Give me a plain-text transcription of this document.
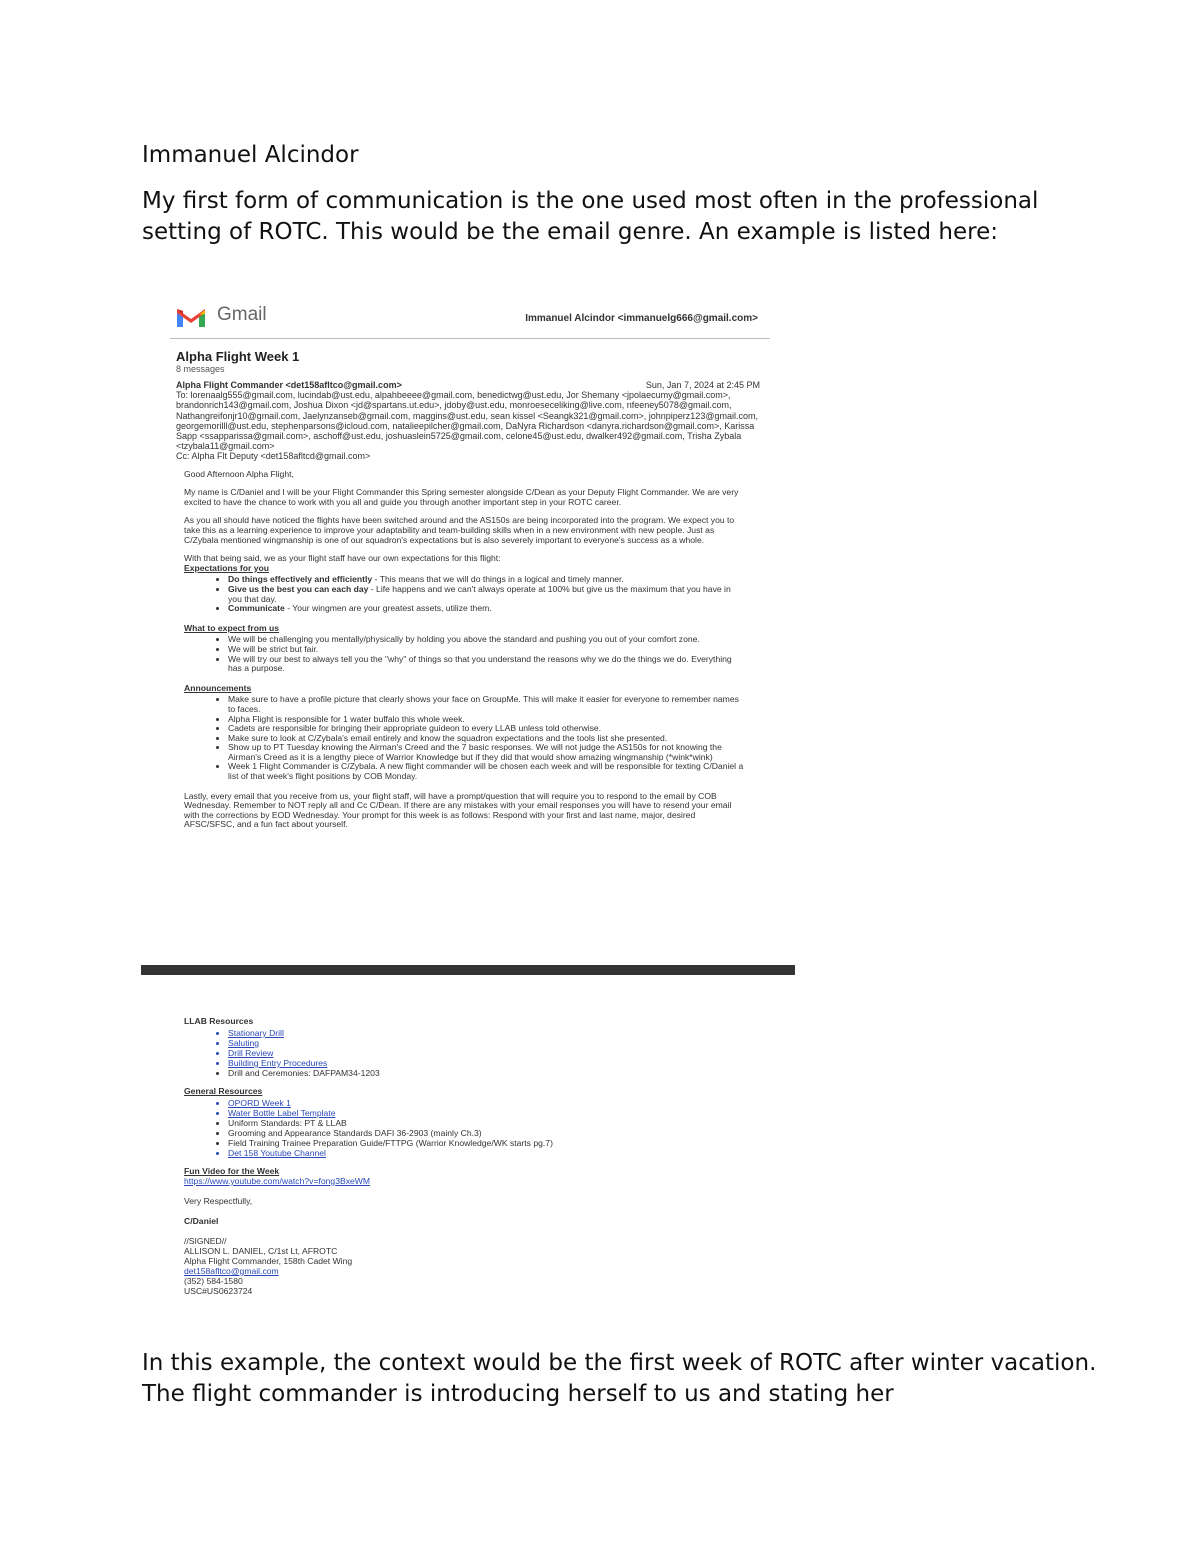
Immanuel Alcindor

My first form of communication is the one used most often in the professional setting of ROTC. This would be the email genre. An example is listed here:

Gmail	Immanuel Alcindor <immanuelg666@gmail.com>
Alpha Flight Week 1
8 messages
Alpha Flight Commander <det158afltco@gmail.com>	Sun, Jan 7, 2024 at 2:45 PM
To: lorenaalg555@gmail.com, lucindab@ust.edu, alpahbeeee@gmail.com, benedictwg@ust.edu, Jor Shemany <jpolaecumy@gmail.com>, brandonrich143@gmail.com, Joshua Dixon <jd@spartans.ut.edu>, jdoby@ust.edu, monroeseceliking@live.com, nfeeney5078@gmail.com, Nathangreifonjr10@gmail.com, Jaelynzanseb@gmail.com, maggins@ust.edu, sean kissel <Seangk321@gmail.com>, johnpiperz123@gmail.com, georgemorilll@ust.edu, stephenparsons@icloud.com, natalieepilcher@gmail.com, DaNyra Richardson <danyra.richardson@gmail.com>, Karissa Sapp <ssapparissa@gmail.com>, aschoff@ust.edu, joshuaslein5725@gmail.com, celone45@ust.edu, dwalker492@gmail.com, Trisha Zybala <tzybala11@gmail.com>
Cc: Alpha Flt Deputy <det158afltcd@gmail.com>

Good Afternoon Alpha Flight,

My name is C/Daniel and I will be your Flight Commander this Spring semester alongside C/Dean as your Deputy Flight Commander. We are very excited to have the chance to work with you all and guide you through another important step in your ROTC career.

As you all should have noticed the flights have been switched around and the AS150s are being incorporated into the program. We expect you to take this as a learning experience to improve your adaptability and team-building skills when in a new environment with new people. Just as C/Zybala mentioned wingmanship is one of our squadron's expectations but is also severely important to everyone's success as a whole.

With that being said, we as your flight staff have our own expectations for this flight:
Expectations for you
• Do things effectively and efficiently - This means that we will do things in a logical and timely manner.
• Give us the best you can each day - Life happens and we can't always operate at 100% but give us the maximum that you have in you that day.
• Communicate - Your wingmen are your greatest assets, utilize them.
What to expect from us
• We will be challenging you mentally/physically by holding you above the standard and pushing you out of your comfort zone.
• We will be strict but fair.
• We will try our best to always tell you the "why" of things so that you understand the reasons why we do the things we do. Everything has a purpose.
Announcements
• Make sure to have a profile picture that clearly shows your face on GroupMe. This will make it easier for everyone to remember names to faces.
• Alpha Flight is responsible for 1 water buffalo this whole week.
• Cadets are responsible for bringing their appropriate guideon to every LLAB unless told otherwise.
• Make sure to look at C/Zybala's email entirely and know the squadron expectations and the tools list she presented.
• Show up to PT Tuesday knowing the Airman's Creed and the 7 basic responses. We will not judge the AS150s for not knowing the Airman's Creed as it is a lengthy piece of Warrior Knowledge but if they did that would show amazing wingmanship (*wink*wink)
• Week 1 Flight Commander is C/Zybala. A new flight commander will be chosen each week and will be responsible for texting C/Daniel a list of that week's flight positions by COB Monday.

Lastly, every email that you receive from us, your flight staff, will have a prompt/question that will require you to respond to the email by COB Wednesday. Remember to NOT reply all and Cc C/Dean. If there are any mistakes with your email responses you will have to resend your email with the corrections by EOD Wednesday. Your prompt for this week is as follows: Respond with your first and last name, major, desired AFSC/SFSC, and a fun fact about yourself.

LLAB Resources
• Stationary Drill
• Saluting
• Drill Review
• Building Entry Procedures
• Drill and Ceremonies: DAFPAM34-1203
General Resources
• OPORD Week 1
• Water Bottle Label Template
• Uniform Standards: PT & LLAB
• Grooming and Appearance Standards DAFI 36-2903 (mainly Ch.3)
• Field Training Trainee Preparation Guide/FTTPG (Warrior Knowledge/WK starts pg.7)
• Det 158 Youtube Channel
Fun Video for the Week

https://www.youtube.com/watch?v=fong3BxeWM

Very Respectfully,

C/Daniel

//SIGNED//
ALLISON L. DANIEL, C/1st Lt, AFROTC
Alpha Flight Commander, 158th Cadet Wing
det158afltco@gmail.com
(352) 584-1580
USC#US0623724

In this example, the context would be the first week of ROTC after winter vacation. The flight commander is introducing herself to us and stating her
